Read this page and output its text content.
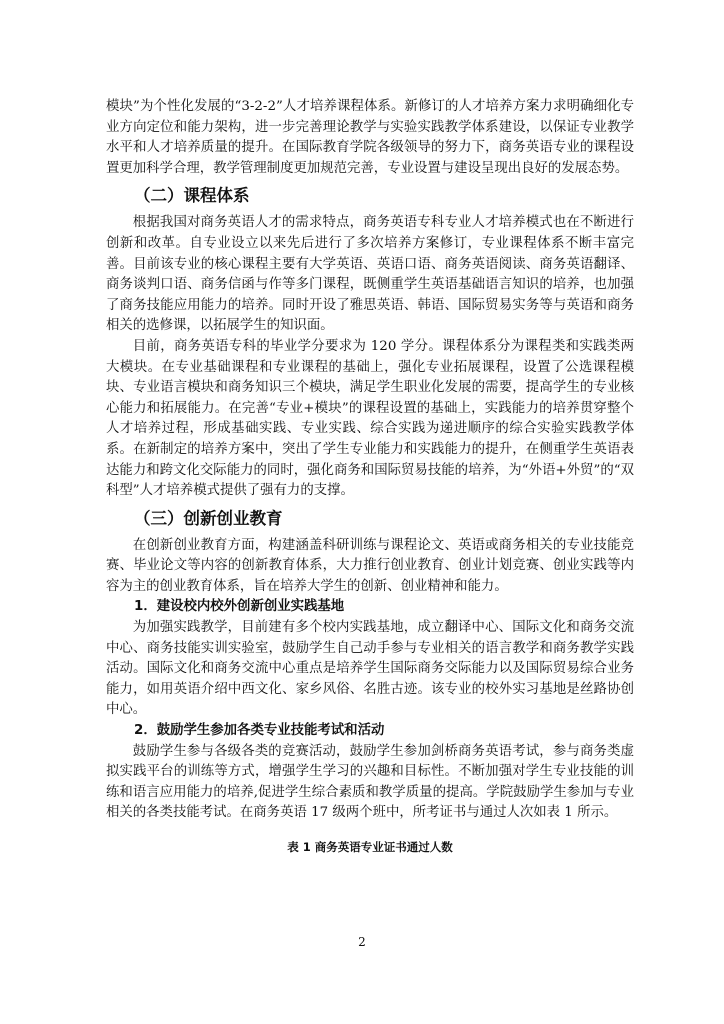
模块”为个性化发展的“3-2-2”人才培养课程体系。新修订的人才培养方案力求明确细化专业方向定位和能力架构，进一步完善理论教学与实验实践教学体系建设，以保证专业教学水平和人才培养质量的提升。在国际教育学院各级领导的努力下，商务英语专业的课程设置更加科学合理，教学管理制度更加规范完善，专业设置与建设呈现出良好的发展态势。

（二）课程体系

根据我国对商务英语人才的需求特点，商务英语专科专业人才培养模式也在不断进行创新和改革。自专业设立以来先后进行了多次培养方案修订，专业课程体系不断丰富完善。目前该专业的核心课程主要有大学英语、英语口语、商务英语阅读、商务英语翻译、商务谈判口语、商务信函与作等多门课程，既侧重学生英语基础语言知识的培养，也加强了商务技能应用能力的培养。同时开设了雅思英语、韩语、国际贸易实务等与英语和商务相关的选修课，以拓展学生的知识面。

目前，商务英语专科的毕业学分要求为 120 学分。课程体系分为课程类和实践类两大模块。在专业基础课程和专业课程的基础上，强化专业拓展课程，设置了公选课程模块、专业语言模块和商务知识三个模块，满足学生职业化发展的需要，提高学生的专业核心能力和拓展能力。在完善“专业+模块”的课程设置的基础上，实践能力的培养贯穿整个人才培养过程，形成基础实践、专业实践、综合实践为递进顺序的综合实验实践教学体系。在新制定的培养方案中，突出了学生专业能力和实践能力的提升，在侧重学生英语表达能力和跨文化交际能力的同时，强化商务和国际贸易技能的培养，为“外语+外贸”的“双科型”人才培养模式提供了强有力的支撑。

（三）创新创业教育

在创新创业教育方面，构建涵盖科研训练与课程论文、英语或商务相关的专业技能竞赛、毕业论文等内容的创新教育体系，大力推行创业教育、创业计划竞赛、创业实践等内容为主的创业教育体系，旨在培养大学生的创新、创业精神和能力。

1．建设校内校外创新创业实践基地

为加强实践教学，目前建有多个校内实践基地，成立翻译中心、国际文化和商务交流中心、商务技能实训实验室，鼓励学生自己动手参与专业相关的语言教学和商务教学实践活动。国际文化和商务交流中心重点是培养学生国际商务交际能力以及国际贸易综合业务能力，如用英语介绍中西文化、家乡风俗、名胜古迹。该专业的校外实习基地是丝路协创中心。

2．鼓励学生参加各类专业技能考试和活动

鼓励学生参与各级各类的竞赛活动，鼓励学生参加剑桥商务英语考试，参与商务类虚拟实践平台的训练等方式，增强学生学习的兴趣和目标性。不断加强对学生专业技能的训练和语言应用能力的培养,促进学生综合素质和教学质量的提高。学院鼓励学生参加与专业相关的各类技能考试。在商务英语 17 级两个班中，所考证书与通过人次如表 1 所示。

表 1 商务英语专业证书通过人数
2
